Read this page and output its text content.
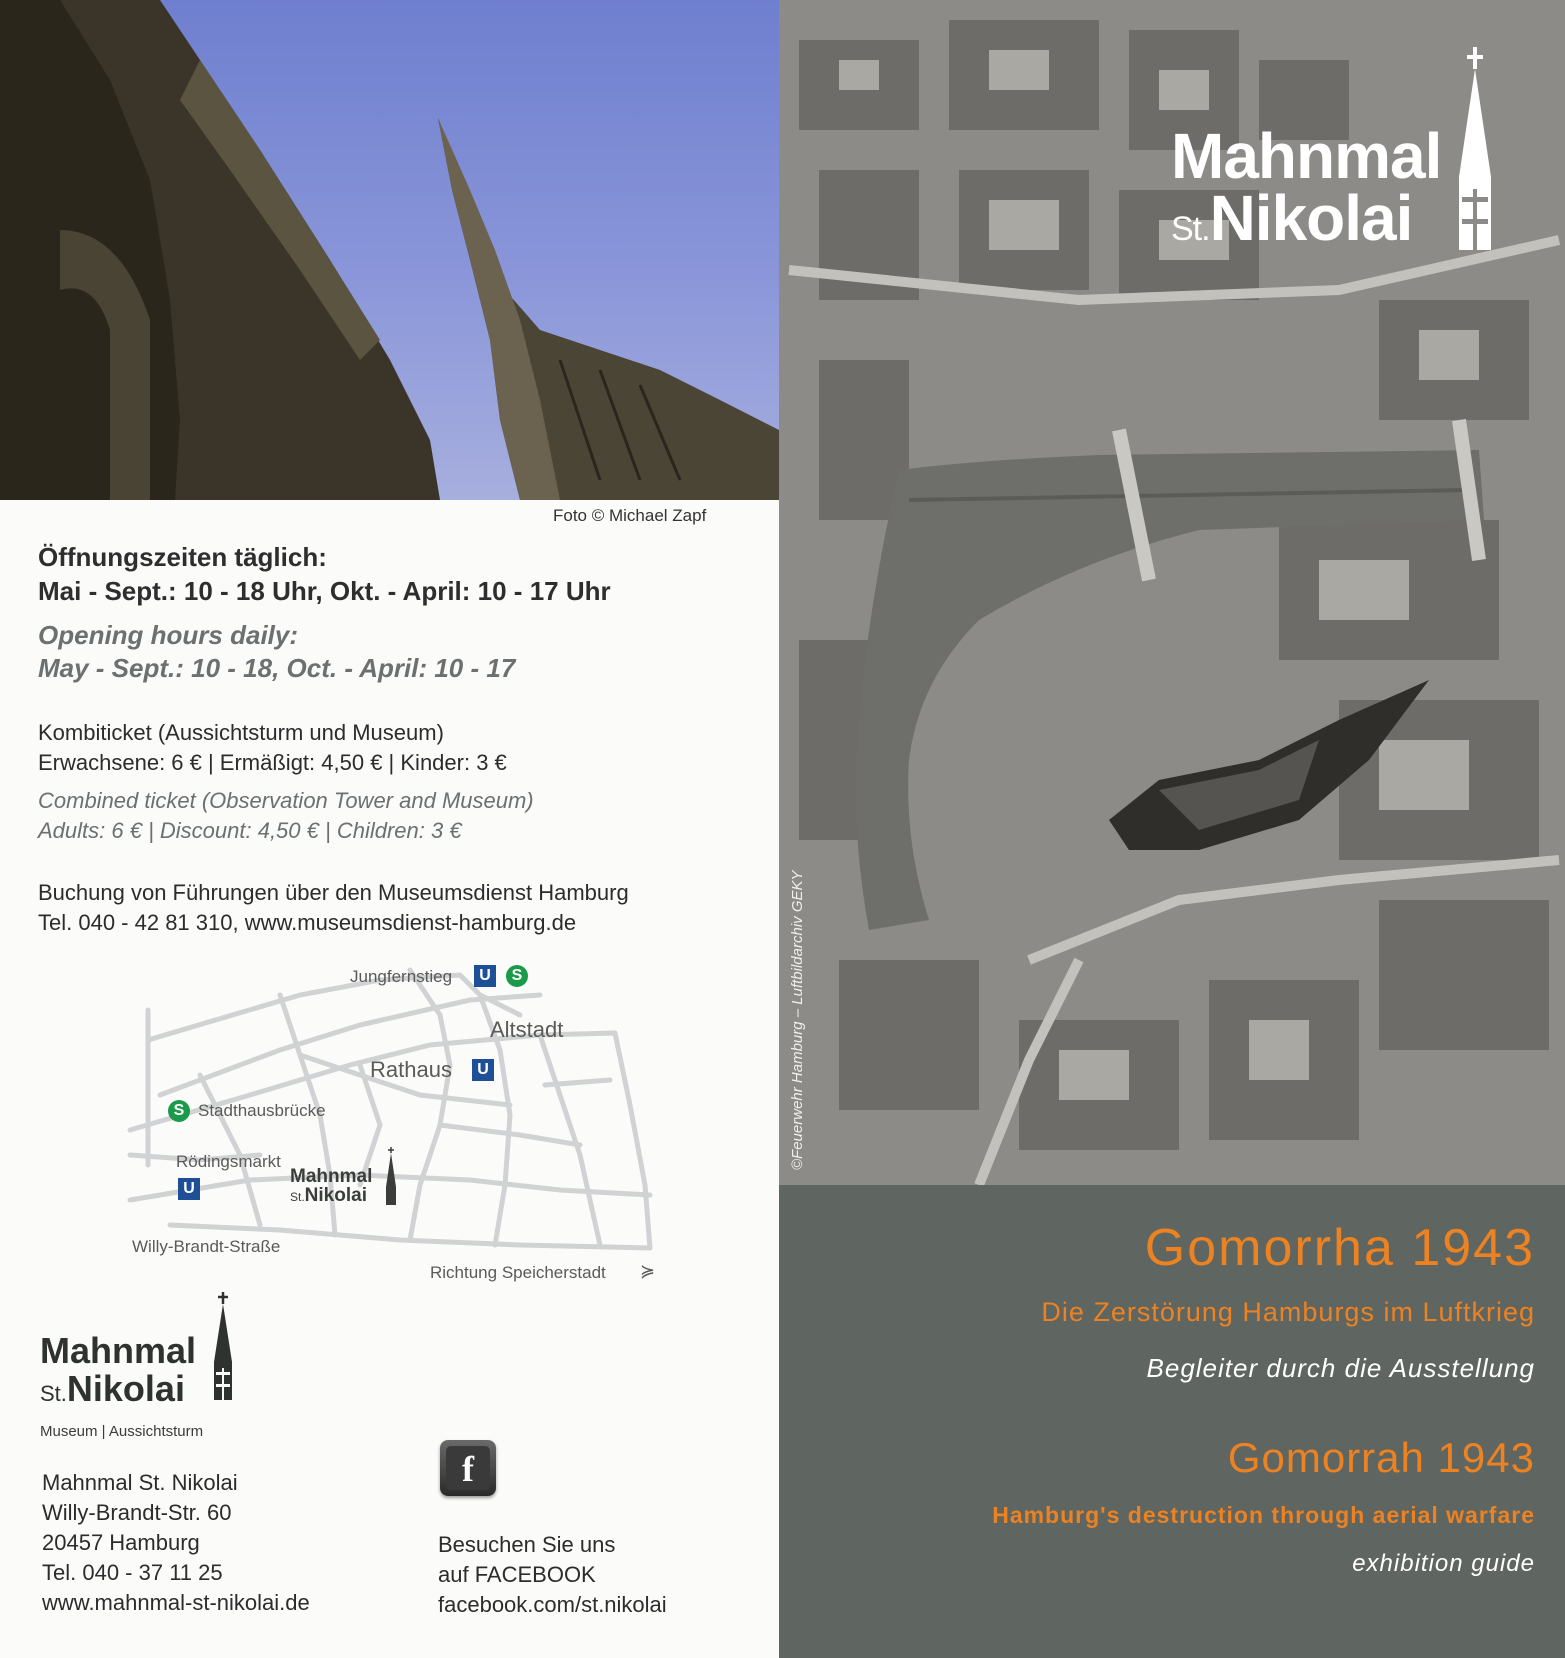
Foto © Michael Zapf
Öffnungszeiten täglich:
Mai - Sept.: 10 - 18 Uhr, Okt. - April: 10 - 17 Uhr
Opening hours daily:
May - Sept.: 10 - 18, Oct. - April: 10 - 17
Kombiticket (Aussichtsturm und Museum)
Erwachsene: 6 € | Ermäßigt: 4,50 € | Kinder: 3 €
Combined ticket (Observation Tower and Museum)
Adults: 6 € | Discount: 4,50 € | Children: 3 €
Buchung von Führungen über den Museumsdienst Hamburg
Tel. 040 - 42 81 310, www.museumsdienst-hamburg.de
Jungfernstieg	U	S
Altstadt
Rathaus	U
S Stadthausbrücke
Rödingsmarkt
U
Mahnmal
St.Nikolai
Willy-Brandt-Straße
Richtung Speicherstadt ≽
Mahnmal
St.Nikolai
Museum | Aussichtsturm
Mahnmal St. Nikolai
Willy-Brandt-Str. 60
20457 Hamburg
Tel. 040 - 37 11 25
www.mahnmal-st-nikolai.de
f
Besuchen Sie uns
auf FACEBOOK
facebook.com/st.nikolai
©Feuerwehr Hamburg – Luftbildarchiv GEKY
Mahnmal
St.Nikolai
Gomorrha 1943
Die Zerstörung Hamburgs im Luftkrieg
Begleiter durch die Ausstellung
Gomorrah 1943
Hamburg's destruction through aerial warfare
exhibition guide
